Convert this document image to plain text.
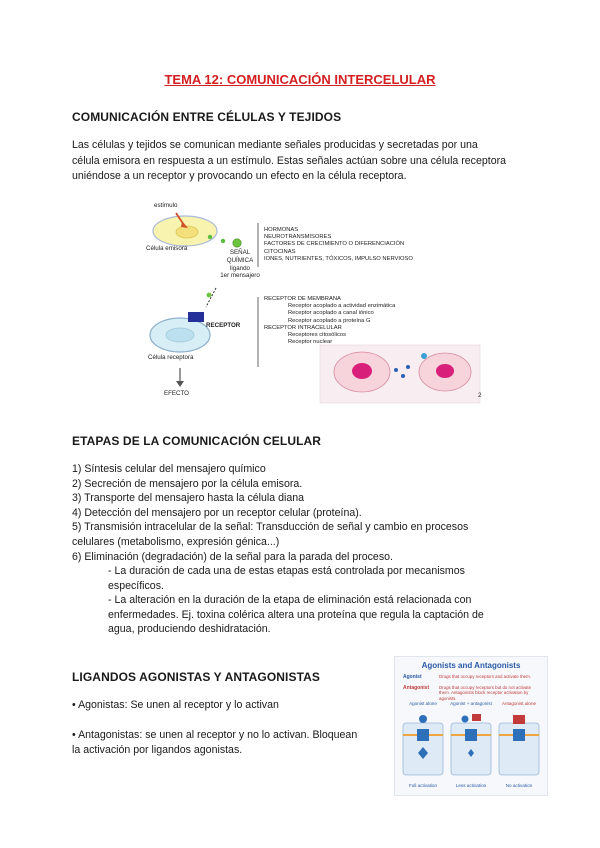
TEMA 12: COMUNICACIÓN INTERCELULAR
COMUNICACIÓN ENTRE CÉLULAS Y TEJIDOS
Las células y tejidos se comunican mediante señales producidas y secretadas por una
célula emisora en respuesta a un estímulo. Estas señales actúan sobre una célula receptora
uniéndose a un receptor y provocando un efecto en la célula receptora.
estímulo
Célula emisora
SEÑAL
QUÍMICA
ligando
1er mensajero
RECEPTOR
Célula receptora
EFECTO
HORMONAS
NEUROTRANSMISORES
FACTORES DE CRECIMIENTO O DIFERENCIACIÓN
CITOCINAS
IONES, NUTRIENTES, TÓXICOS, IMPULSO NERVIOSO
RECEPTOR DE MEMBRANA
Receptor acoplado a actividad enzimática
Receptor acoplado a canal iónico
Receptor acoplado a proteína G
RECEPTOR INTRACELULAR
Receptores citosólicos
Receptor nuclear
2
ETAPAS DE LA COMUNICACIÓN CELULAR
1) Síntesis celular del mensajero químico
2) Secreción de mensajero por la célula emisora.
3) Transporte del mensajero hasta la célula diana
4) Detección del mensajero por un receptor celular (proteína).
5) Transmisión intracelular de la señal: Transducción de señal y cambio en procesos
celulares (metabolismo, expresión génica...)
6) Eliminación (degradación) de la señal para la parada del proceso.
- La duración de cada una de estas etapas está controlada por mecanismos
específicos.
- La alteración en la duración de la etapa de eliminación está relacionada con
enfermedades. Ej. toxina colérica altera una proteína que regula la captación de
agua, produciendo deshidratación.
LIGANDOS AGONISTAS Y ANTAGONISTAS
• Agonistas: Se unen al receptor y lo activan
• Antagonistas: se unen al receptor y no lo activan. Bloquean
la activación por ligandos agonistas.
Agonists and Antagonists
Agonist	Drugs that occupy receptors and activate them.
Antagonist Drugs that occupy receptors but do not activate them. Antagonists block receptor activation by agonists.
Agonist alone	Agonist + antagonist	Antagonist alone
Full activation	Less activation	No activation
